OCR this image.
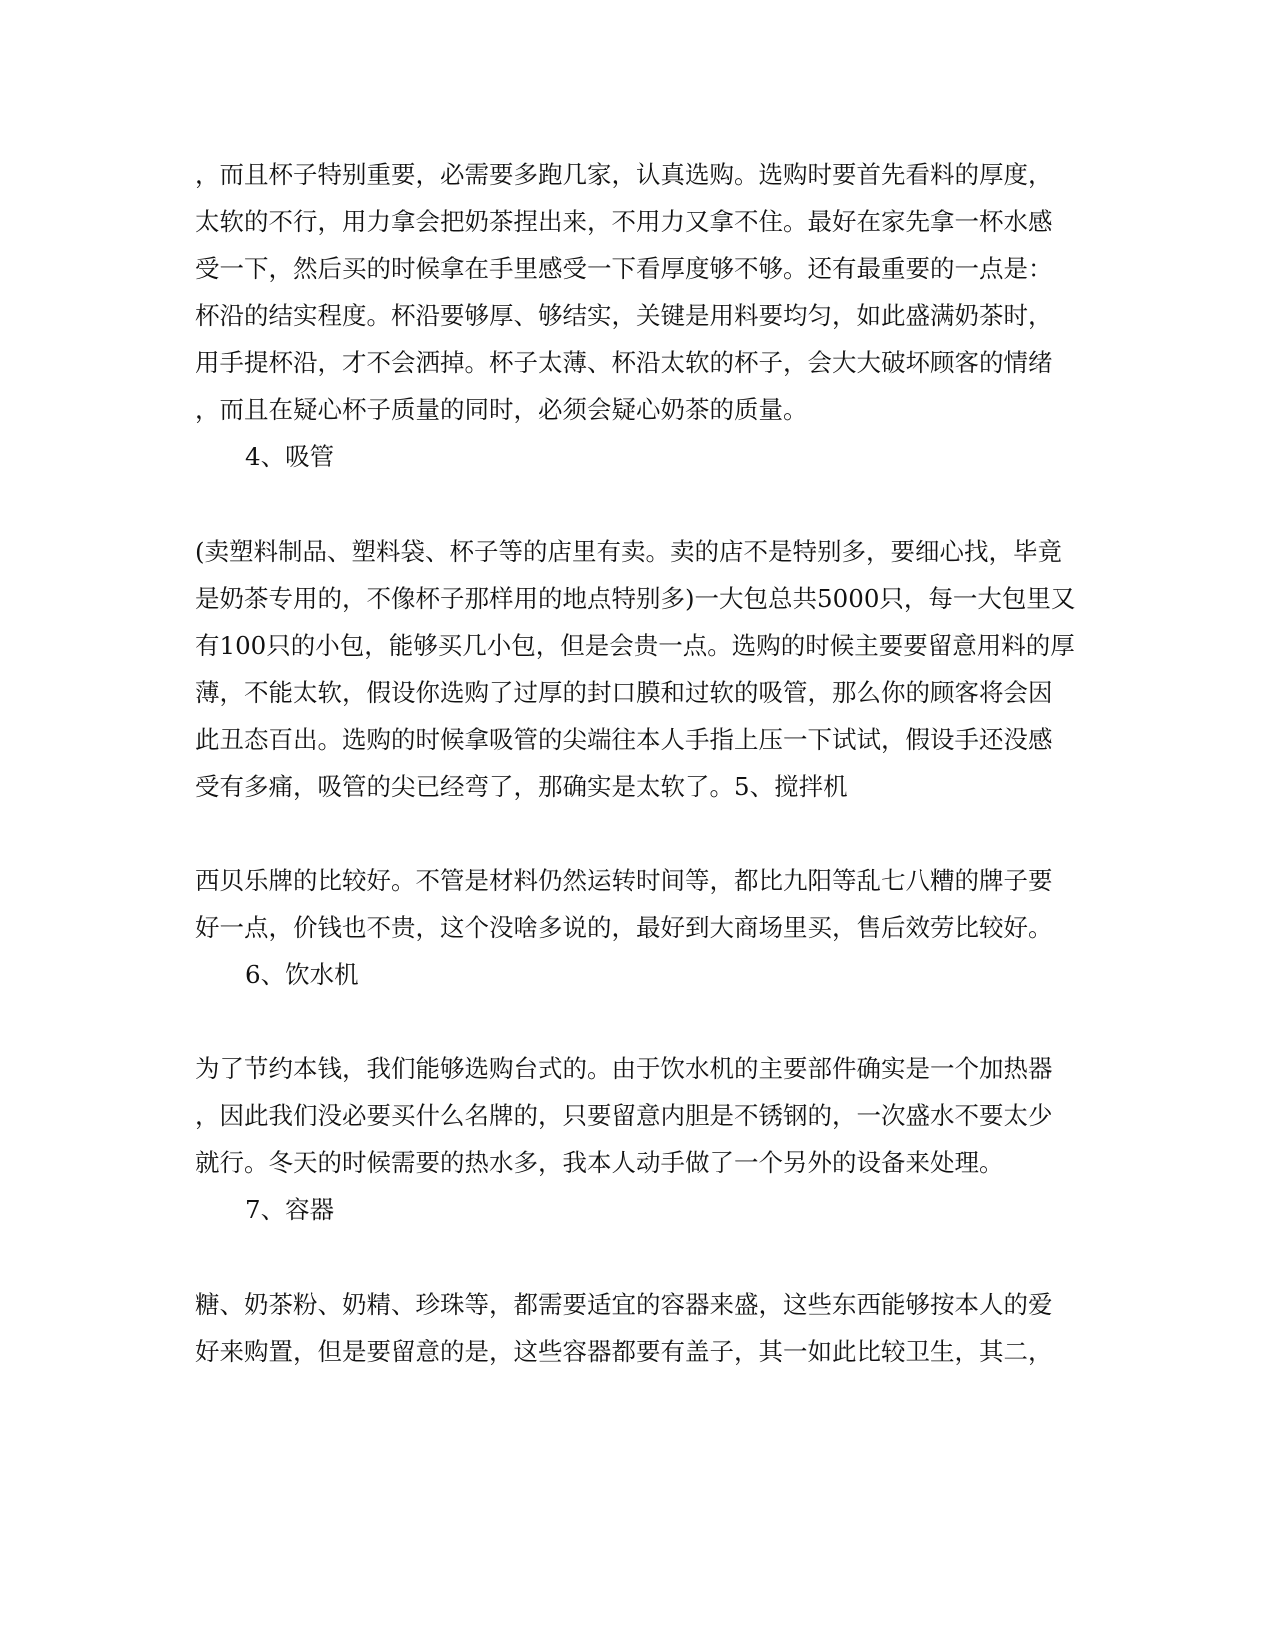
，而且杯子特别重要，必需要多跑几家，认真选购。选购时要首先看料的厚度，

太软的不行，用力拿会把奶茶捏出来，不用力又拿不住。最好在家先拿一杯水感

受一下，然后买的时候拿在手里感受一下看厚度够不够。还有最重要的一点是：

杯沿的结实程度。杯沿要够厚、够结实，关键是用料要均匀，如此盛满奶茶时，

用手提杯沿，才不会洒掉。杯子太薄、杯沿太软的杯子，会大大破坏顾客的情绪

，而且在疑心杯子质量的同时，必须会疑心奶茶的质量。

4、吸管

(卖塑料制品、塑料袋、杯子等的店里有卖。卖的店不是特别多，要细心找，毕竟

是奶茶专用的，不像杯子那样用的地点特别多)一大包总共5000只，每一大包里又

有100只的小包，能够买几小包，但是会贵一点。选购的时候主要要留意用料的厚

薄，不能太软，假设你选购了过厚的封口膜和过软的吸管，那么你的顾客将会因

此丑态百出。选购的时候拿吸管的尖端往本人手指上压一下试试，假设手还没感

受有多痛，吸管的尖已经弯了，那确实是太软了。5、搅拌机

西贝乐牌的比较好。不管是材料仍然运转时间等，都比九阳等乱七八糟的牌子要

好一点，价钱也不贵，这个没啥多说的，最好到大商场里买，售后效劳比较好。

6、饮水机

为了节约本钱，我们能够选购台式的。由于饮水机的主要部件确实是一个加热器

，因此我们没必要买什么名牌的，只要留意内胆是不锈钢的，一次盛水不要太少

就行。冬天的时候需要的热水多，我本人动手做了一个另外的设备来处理。

7、容器

糖、奶茶粉、奶精、珍珠等，都需要适宜的容器来盛，这些东西能够按本人的爱

好来购置，但是要留意的是，这些容器都要有盖子，其一如此比较卫生，其二，
